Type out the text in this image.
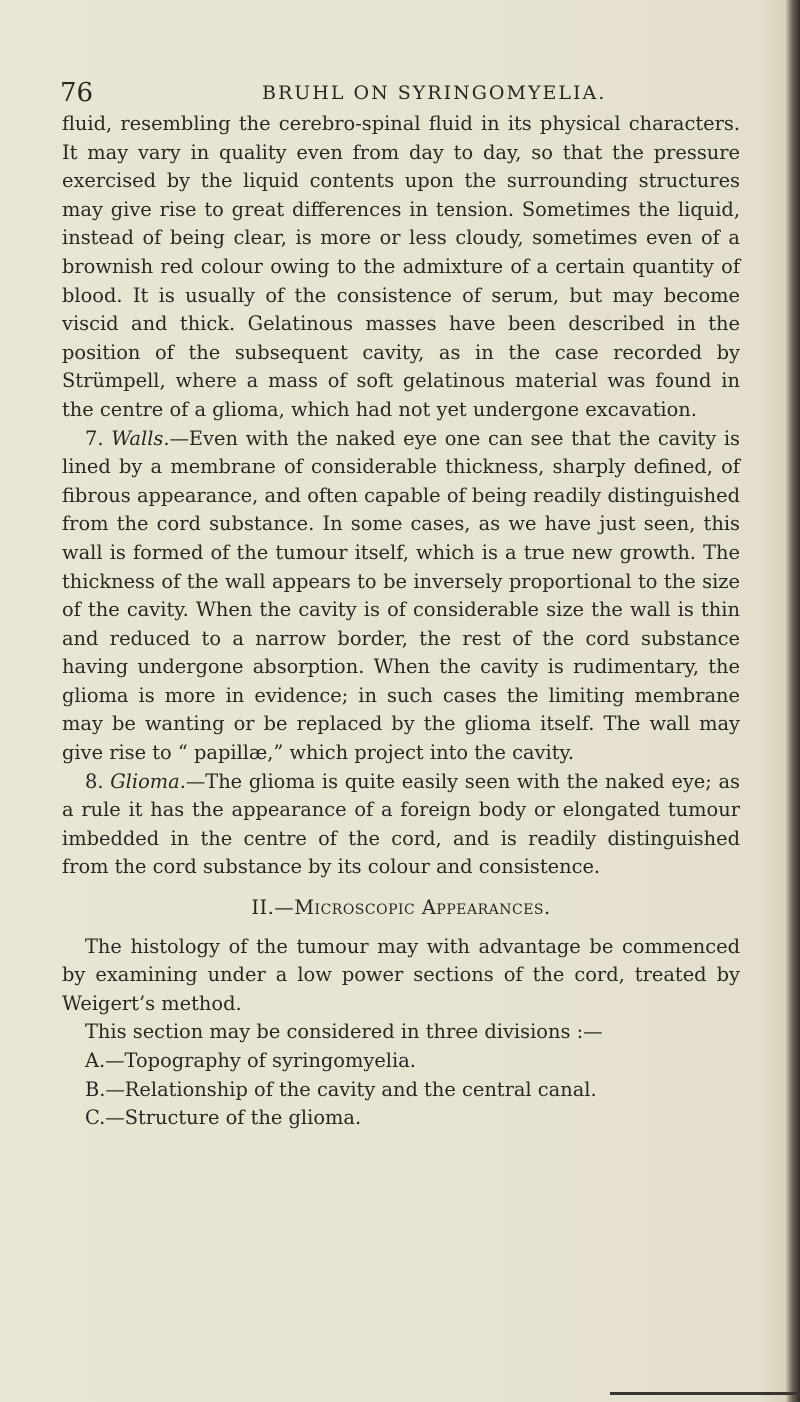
76	BRUHL ON SYRINGOMYELIA.

fluid, resembling the cerebro-spinal fluid in its physical characters. It may vary in quality even from day to day, so that the pressure exercised by the liquid contents upon the surrounding structures may give rise to great differences in tension. Sometimes the liquid, instead of being clear, is more or less cloudy, sometimes even of a brownish red colour owing to the admixture of a certain quantity of blood. It is usually of the consistence of serum, but may become viscid and thick. Gelatinous masses have been described in the position of the subsequent cavity, as in the case recorded by Strümpell, where a mass of soft gelatinous material was found in the centre of a glioma, which had not yet undergone excavation.

7. Walls.—Even with the naked eye one can see that the cavity is lined by a membrane of considerable thickness, sharply defined, of fibrous appearance, and often capable of being readily distinguished from the cord substance. In some cases, as we have just seen, this wall is formed of the tumour itself, which is a true new growth. The thickness of the wall appears to be inversely proportional to the size of the cavity. When the cavity is of considerable size the wall is thin and reduced to a narrow border, the rest of the cord substance having undergone absorption. When the cavity is rudimentary, the glioma is more in evidence; in such cases the limiting membrane may be wanting or be replaced by the glioma itself. The wall may give rise to “ papillæ,” which project into the cavity.

8. Glioma.—The glioma is quite easily seen with the naked eye; as a rule it has the appearance of a foreign body or elongated tumour imbedded in the centre of the cord, and is readily distinguished from the cord substance by its colour and consistence.

II.—Microscopic Appearances.

The histology of the tumour may with advantage be commenced by examining under a low power sections of the cord, treated by Weigert’s method.

This section may be considered in three divisions :—

A.—Topography of syringomyelia.

B.—Relationship of the cavity and the central canal.

C.—Structure of the glioma.
